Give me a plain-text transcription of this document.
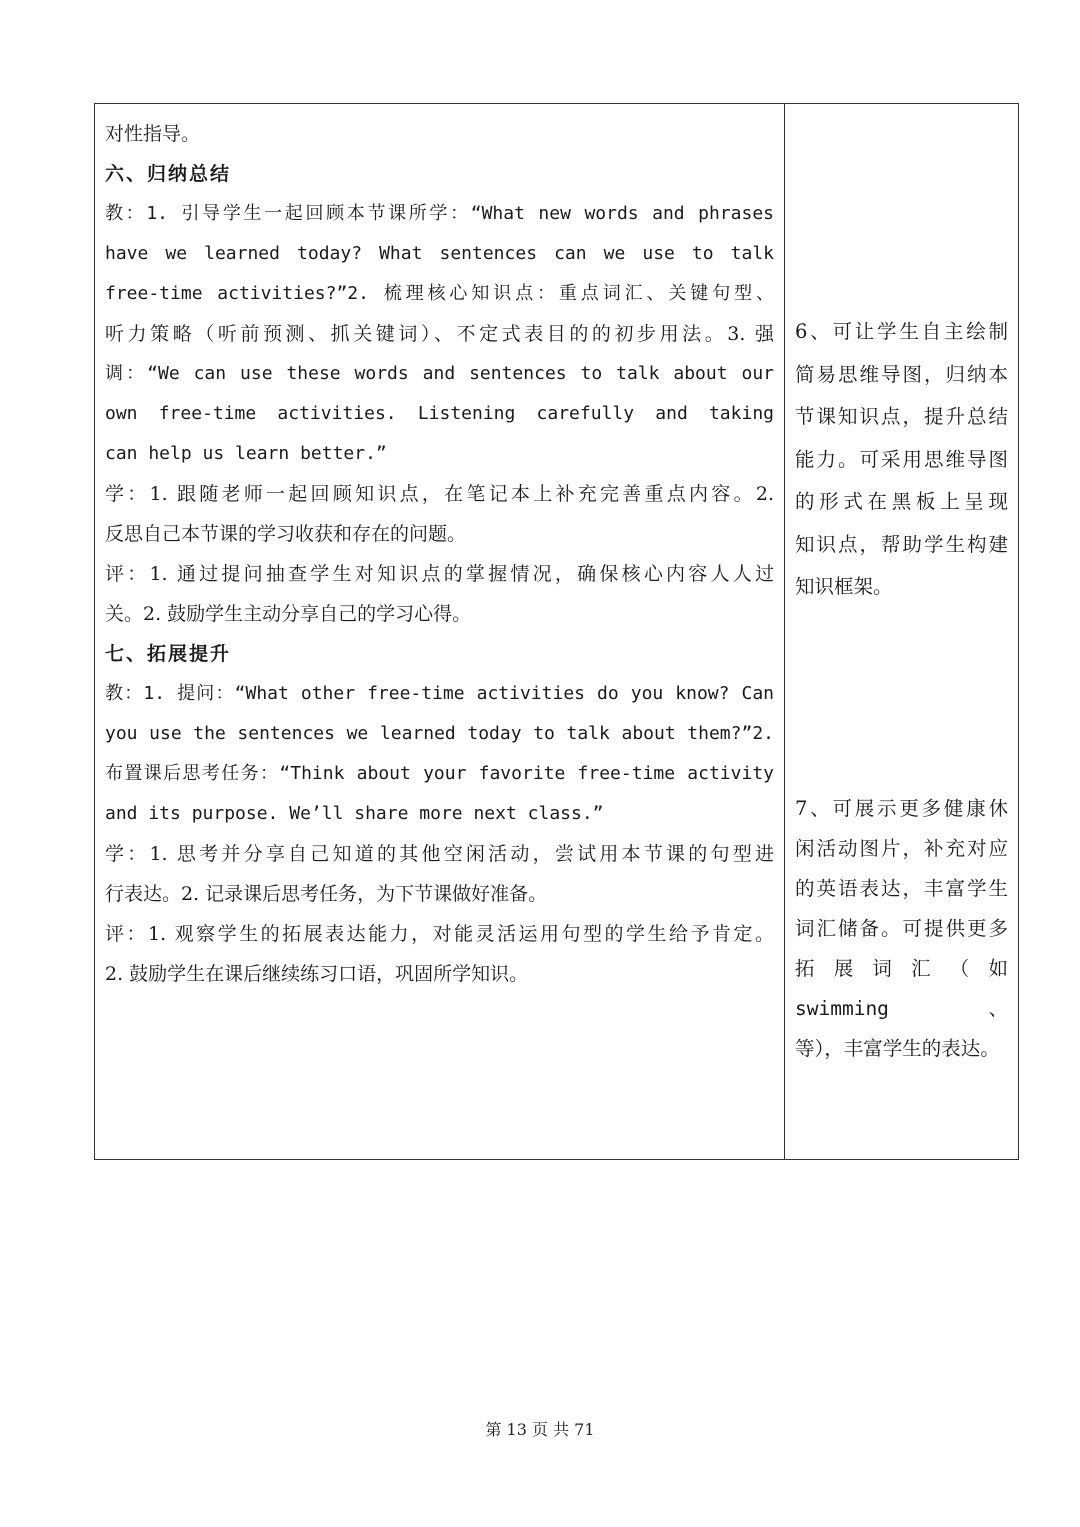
对性指导。
六、归纳总结
教：1. 引导学生一起回顾本节课所学：“What new words and phrases
have we learned today? What sentences can we use to talk
free-time activities?”2. 梳理核心知识点：重点词汇、关键句型、
听力策略（听前预测、抓关键词）、不定式表目的的初步用法。3. 强
调：“We can use these words and sentences to talk about our
own free-time activities. Listening carefully and taking
can help us learn better.”
学：1. 跟随老师一起回顾知识点，在笔记本上补充完善重点内容。2.
反思自己本节课的学习收获和存在的问题。
评：1. 通过提问抽查学生对知识点的掌握情况，确保核心内容人人过
关。2. 鼓励学生主动分享自己的学习心得。
七、拓展提升
教：1. 提问：“What other free-time activities do you know? Can
you use the sentences we learned today to talk about them?”2.
布置课后思考任务：“Think about your favorite free-time activity
and its purpose. We’ll share more next class.”
学：1. 思考并分享自己知道的其他空闲活动，尝试用本节课的句型进
行表达。2. 记录课后思考任务，为下节课做好准备。
评：1. 观察学生的拓展表达能力，对能灵活运用句型的学生给予肯定。
2. 鼓励学生在课后继续练习口语，巩固所学知识。
6、可让学生自主绘制
简易思维导图，归纳本
节课知识点，提升总结
能力。可采用思维导图
的形式在黑板上呈现
知识点，帮助学生构建
知识框架。
7、可展示更多健康休
闲活动图片，补充对应
的英语表达，丰富学生
词汇储备。可提供更多
拓展词汇（如
swimming 、
等），丰富学生的表达。
第 13 页 共 71
